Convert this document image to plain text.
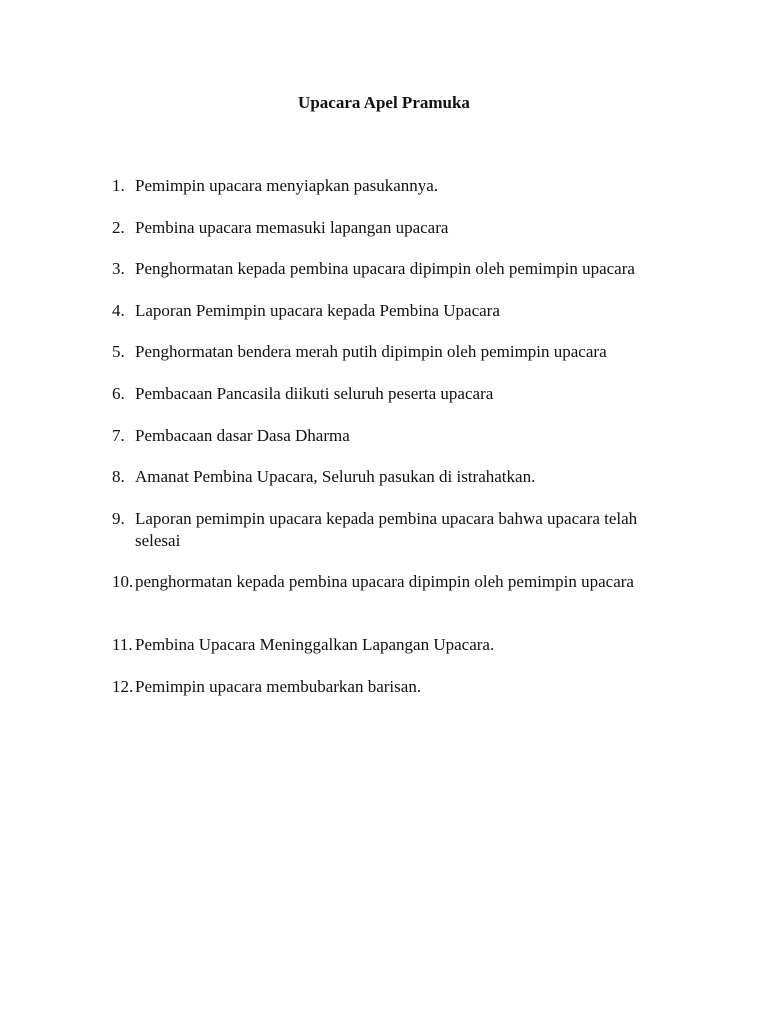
Upacara Apel Pramuka
1. Pemimpin upacara menyiapkan pasukannya.
2. Pembina upacara memasuki lapangan upacara
3. Penghormatan kepada pembina upacara dipimpin oleh pemimpin upacara
4. Laporan Pemimpin upacara kepada Pembina Upacara
5. Penghormatan bendera merah putih dipimpin oleh pemimpin upacara
6. Pembacaan Pancasila diikuti seluruh peserta upacara
7. Pembacaan dasar Dasa Dharma
8. Amanat Pembina Upacara, Seluruh pasukan di istrahatkan.
9. Laporan pemimpin upacara kepada pembina upacara bahwa upacara telah selesai
10. penghormatan kepada pembina upacara dipimpin oleh pemimpin upacara
11. Pembina Upacara Meninggalkan Lapangan Upacara.
12. Pemimpin upacara membubarkan barisan.
